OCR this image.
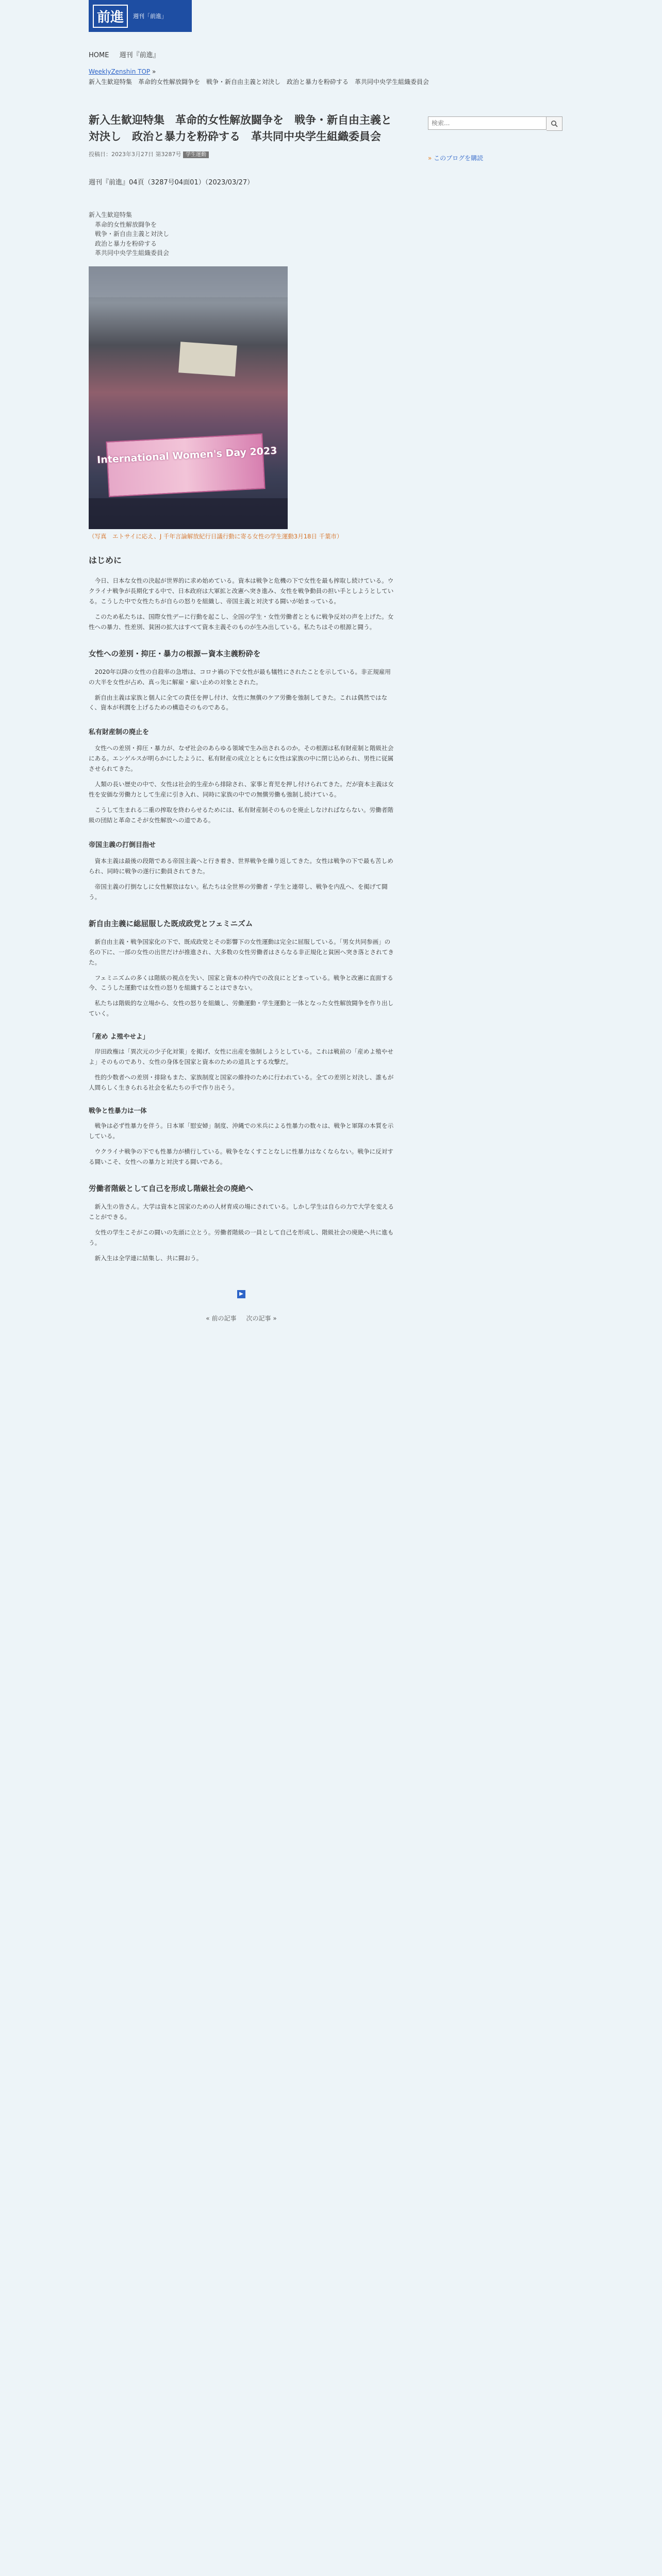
前進	週刊「前進」
HOME 週刊『前進』
WeeklyZenshin TOP »
新入生歓迎特集　革命的女性解放闘争を　戦争・新自由主義と対決し　政治と暴力を粉砕する　革共同中央学生組織委員会
新入生歓迎特集　革命的女性解放闘争を　戦争・新自由主義と対決し　政治と暴力を粉砕する　革共同中央学生組織委員会
投稿日：2023年3月27日 第3287号 学生運動
週刊『前進』04頁（3287号04面01）（2023/03/27）
新入生歓迎特集
革命的女性解放闘争を
戦争・新自由主義と対決し
政治と暴力を粉砕する
革共同中央学生組織委員会
International Women's Day 2023
（写真　エトサイに応え、J 千年言論解放紀行日議行動に寄る女性の学生運動3月18日 千葉市）
はじめに

今日、日本な女性の決起が世界的に求め始めている。資本は戦争と危機の下で女性を最も搾取し続けている。ウクライナ戦争が長期化する中で、日本政府は大軍拡と改憲へ突き進み、女性を戦争動員の担い手としようとしている。こうした中で女性たちが自らの怒りを組織し、帝国主義と対決する闘いが始まっている。

このため私たちは、国際女性デーに行動を起こし、全国の学生・女性労働者とともに戦争反対の声を上げた。女性への暴力、性差別、貧困の拡大はすべて資本主義そのものが生み出している。私たちはその根源と闘う。

女性への差別・抑圧・暴力の根源ー資本主義粉砕を

2020年以降の女性の自殺率の急増は、コロナ禍の下で女性が最も犠牲にされたことを示している。非正規雇用の大半を女性が占め、真っ先に解雇・雇い止めの対象とされた。

新自由主義は家族と個人に全ての責任を押し付け、女性に無償のケア労働を強制してきた。これは偶然ではなく、資本が利潤を上げるための構造そのものである。

私有財産制の廃止を

女性への差別・抑圧・暴力が、なぜ社会のあらゆる領域で生み出されるのか。その根源は私有財産制と階級社会にある。エンゲルスが明らかにしたように、私有財産の成立とともに女性は家族の中に閉じ込められ、男性に従属させられてきた。

人類の長い歴史の中で、女性は社会的生産から排除され、家事と育児を押し付けられてきた。だが資本主義は女性を安価な労働力として生産に引き入れ、同時に家族の中での無償労働も強制し続けている。

こうして生まれる二重の搾取を終わらせるためには、私有財産制そのものを廃止しなければならない。労働者階級の団結と革命こそが女性解放への道である。

帝国主義の打倒目指せ

資本主義は最後の段階である帝国主義へと行き着き、世界戦争を繰り返してきた。女性は戦争の下で最も苦しめられ、同時に戦争の遂行に動員されてきた。

帝国主義の打倒なしに女性解放はない。私たちは全世界の労働者・学生と連帯し、戦争を内乱へ、を掲げて闘う。

新自由主義に総屈服した既成政党とフェミニズム

新自由主義・戦争国家化の下で、既成政党とその影響下の女性運動は完全に屈服している。「男女共同参画」の名の下に、一部の女性の出世だけが推進され、大多数の女性労働者はさらなる非正規化と貧困へ突き落とされてきた。

フェミニズムの多くは階級の視点を失い、国家と資本の枠内での改良にとどまっている。戦争と改憲に直面する今、こうした運動では女性の怒りを組織することはできない。

私たちは階級的な立場から、女性の怒りを組織し、労働運動・学生運動と一体となった女性解放闘争を作り出していく。

「産め よ殖やせよ」

岸田政権は「異次元の少子化対策」を掲げ、女性に出産を強制しようとしている。これは戦前の「産めよ殖やせよ」そのものであり、女性の身体を国家と資本のための道具とする攻撃だ。

性的少数者への差別・排除もまた、家族制度と国家の維持のために行われている。全ての差別と対決し、誰もが人間らしく生きられる社会を私たちの手で作り出そう。

戦争と性暴力は一体

戦争は必ず性暴力を伴う。日本軍「慰安婦」制度、沖縄での米兵による性暴力の数々は、戦争と軍隊の本質を示している。

ウクライナ戦争の下でも性暴力が横行している。戦争をなくすことなしに性暴力はなくならない。戦争に反対する闘いこそ、女性への暴力と対決する闘いである。

労働者階級として自己を形成し階級社会の廃絶へ

新入生の皆さん。大学は資本と国家のための人材育成の場にされている。しかし学生は自らの力で大学を変えることができる。

女性の学生こそがこの闘いの先頭に立とう。労働者階級の一員として自己を形成し、階級社会の廃絶へ共に進もう。

新入生は全学連に結集し、共に闘おう。

▶
« 前の記事 次の記事 »
検索...
» このブログを購読
